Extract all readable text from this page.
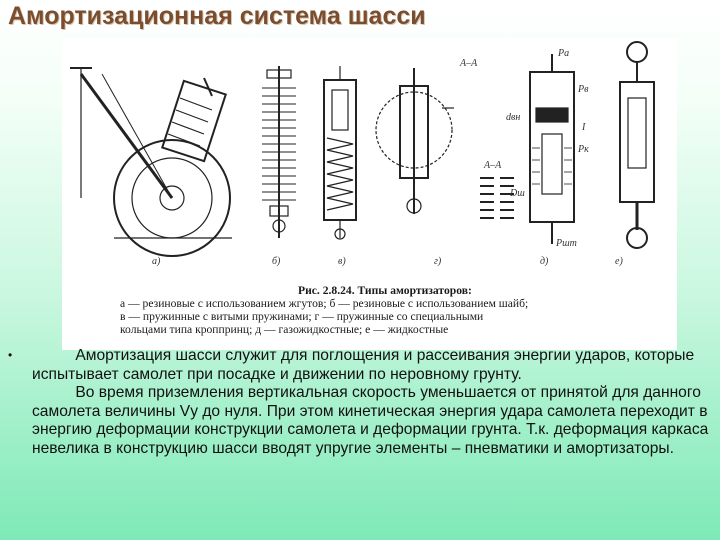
Амортизационная система шасси
а)	б)	в)	г)	д)	е)
А–А
А–А
Pа
Pв
Pк
dвн
Dш
Pшт
I
Рис. 2.8.24. Типы амортизаторов:
а — резиновые с использованием жгутов; б — резиновые с использованием шайб;
в — пружинные с витыми пружинами; г — пружинные со специальными
кольцами типа кроппринц; д — газожидкостные; е — жидкостные
• Амортизация шасси служит для поглощения и рассеивания энергии ударов, которые испытывает самолет при посадке и движении по неровному грунту.
Во время приземления вертикальная скорость уменьшается от принятой для данного самолета величины Vу до нуля. При этом кинетическая энергия удара самолета переходит в энергию деформации конструкции самолета и деформации грунта. Т.к. деформация каркаса невелика в конструкцию шасси вводят упругие элементы – пневматики и амортизаторы.
